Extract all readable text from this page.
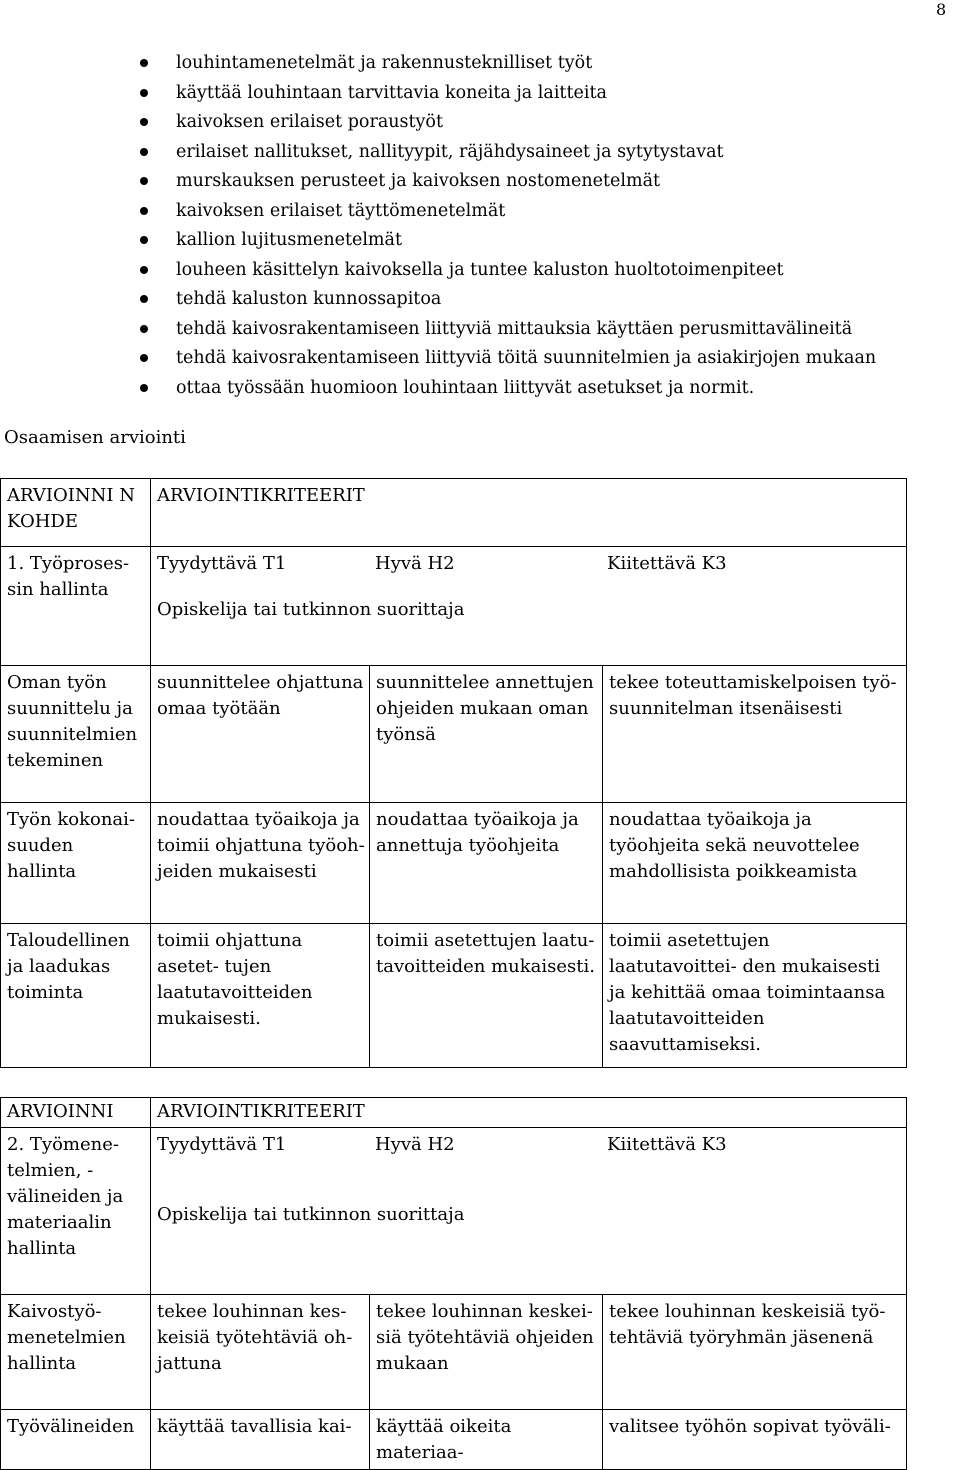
8
louhintamenetelmät ja rakennusteknilliset työt
käyttää louhintaan tarvittavia koneita ja laitteita
kaivoksen erilaiset poraustyöt
erilaiset nallitukset, nallityypit, räjähdysaineet ja sytytystavat
murskauksen perusteet ja kaivoksen nostomenetelmät
kaivoksen erilaiset täyttömenetelmät
kallion lujitusmenetelmät
louheen käsittelyn kaivoksella ja tuntee kaluston huoltotoimenpiteet
tehdä kaluston kunnossapitoa
tehdä kaivosrakentamiseen liittyviä mittauksia käyttäen perusmittavälineitä
tehdä kaivosrakentamiseen liittyviä töitä suunnitelmien ja asiakirjojen mukaan
ottaa työssään huomioon louhintaan liittyvät asetukset ja normit.
Osaamisen arviointi
ARVIOINNI N KOHDE	ARVIOINTIKRITEERIT		
1. Työproses- sin hallinta	Tyydyttävä T1 Hyvä H2 Kiitettävä K3
Opiskelija tai tutkinnon suorittaja		

Oman työn suunnittelu ja suunnitelmien tekeminen	suunnittelee ohjattuna omaa työtään	suunnittelee annettujen ohjeiden mukaan oman työnsä	tekee toteuttamiskelpoisen työ- suunnitelman itsenäisesti
Työn kokonai- suuden hallinta	noudattaa työaikoja ja toimii ohjattuna työoh- jeiden mukaisesti	noudattaa työaikoja ja annettuja työohjeita	noudattaa työaikoja ja työohjeita sekä neuvottelee mahdollisista poikkeamista
Taloudellinen ja laadukas toiminta	toimii ohjattuna asetet- tujen laatutavoitteiden mukaisesti.	toimii asetettujen laatu- tavoitteiden mukaisesti.	toimii asetettujen laatutavoittei- den mukaisesti ja kehittää omaa toimintaansa laatutavoitteiden saavuttamiseksi.
ARVIOINNI	ARVIOINTIKRITEERIT		
2. Työmene- telmien, - välineiden ja materiaalin hallinta	Tyydyttävä T1 Hyvä H2 Kiitettävä K3
Opiskelija tai tutkinnon suorittaja		

Kaivostyö- menetelmien hallinta	tekee louhinnan kes- keisiä työtehtäviä oh- jattuna	tekee louhinnan keskei- siä työtehtäviä ohjeiden mukaan	tekee louhinnan keskeisiä työ- tehtäviä työryhmän jäsenenä
Työvälineiden	käyttää tavallisia kai-	käyttää oikeita materiaa-	valitsee työhön sopivat työväli-
